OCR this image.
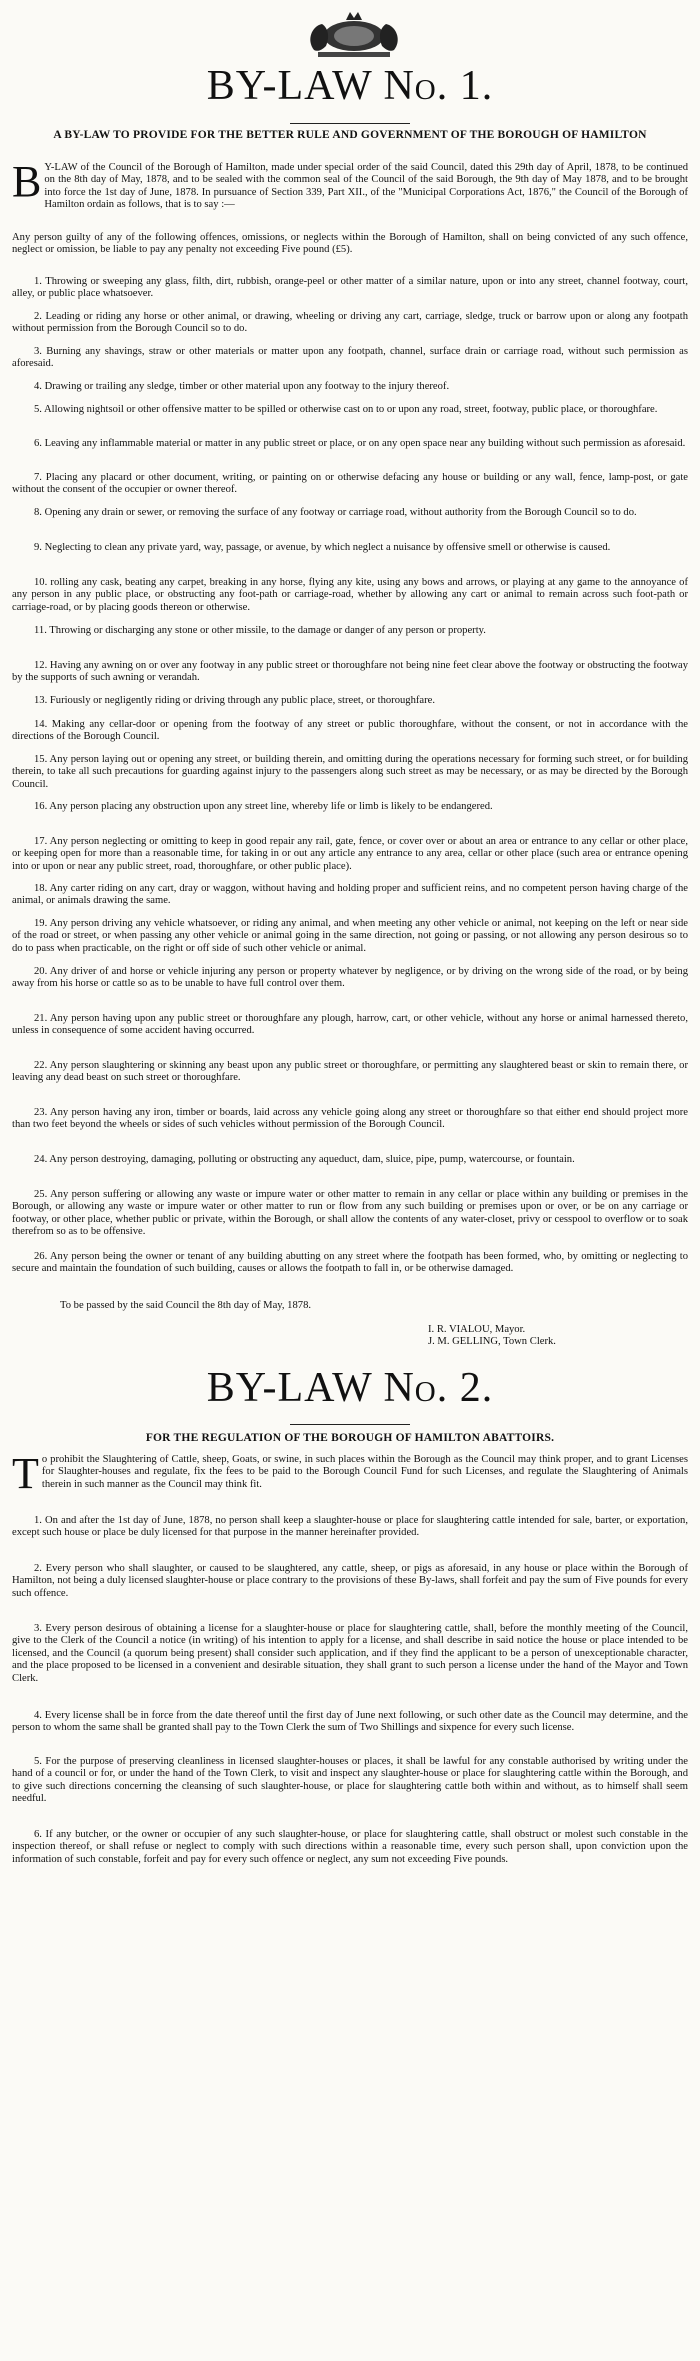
BY-LAW No. 1.
A BY-LAW TO PROVIDE FOR THE BETTER RULE AND GOVERNMENT OF THE BOROUGH OF HAMILTON

BY-LAW of the Council of the Borough of Hamilton, made under special order of the said Council, dated this 29th day of April, 1878, to be continued on the 8th day of May, 1878, and to be sealed with the common seal of the Council of the said Borough, the 9th day of May 1878, and to be brought into force the 1st day of June, 1878. In pursuance of Section 339, Part XII., of the "Municipal Corporations Act, 1876," the Council of the Borough of Hamilton ordain as follows, that is to say :—

Any person guilty of any of the following offences, omissions, or neglects within the Borough of Hamilton, shall on being convicted of any such offence, neglect or omission, be liable to pay any penalty not exceeding Five pound (£5).

1. Throwing or sweeping any glass, filth, dirt, rubbish, orange-peel or other matter of a similar nature, upon or into any street, channel footway, court, alley, or public place whatsoever.

2. Leading or riding any horse or other animal, or drawing, wheeling or driving any cart, carriage, sledge, truck or barrow upon or along any footpath without permission from the Borough Council so to do.

3. Burning any shavings, straw or other materials or matter upon any footpath, channel, surface drain or carriage road, without such permission as aforesaid.

4. Drawing or trailing any sledge, timber or other material upon any footway to the injury thereof.

5. Allowing nightsoil or other offensive matter to be spilled or otherwise cast on to or upon any road, street, footway, public place, or thoroughfare.

6. Leaving any inflammable material or matter in any public street or place, or on any open space near any building without such permission as aforesaid.

7. Placing any placard or other document, writing, or painting on or otherwise defacing any house or building or any wall, fence, lamp-post, or gate without the consent of the occupier or owner thereof.

8. Opening any drain or sewer, or removing the surface of any footway or carriage road, without authority from the Borough Council so to do.

9. Neglecting to clean any private yard, way, passage, or avenue, by which neglect a nuisance by offensive smell or otherwise is caused.

10. rolling any cask, beating any carpet, breaking in any horse, flying any kite, using any bows and arrows, or playing at any game to the annoyance of any person in any public place, or obstructing any foot-path or carriage-road, whether by allowing any cart or animal to remain across such foot-path or carriage-road, or by placing goods thereon or otherwise.

11. Throwing or discharging any stone or other missile, to the damage or danger of any person or property.

12. Having any awning on or over any footway in any public street or thoroughfare not being nine feet clear above the footway or obstructing the footway by the supports of such awning or verandah.

13. Furiously or negligently riding or driving through any public place, street, or thoroughfare.

14. Making any cellar-door or opening from the footway of any street or public thoroughfare, without the consent, or not in accordance with the directions of the Borough Council.

15. Any person laying out or opening any street, or building therein, and omitting during the operations necessary for forming such street, or for building therein, to take all such precautions for guarding against injury to the passengers along such street as may be necessary, or as may be directed by the Borough Council.

16. Any person placing any obstruction upon any street line, whereby life or limb is likely to be endangered.

17. Any person neglecting or omitting to keep in good repair any rail, gate, fence, or cover over or about an area or entrance to any cellar or other place, or keeping open for more than a reasonable time, for taking in or out any article any entrance to any area, cellar or other place (such area or entrance opening into or upon or near any public street, road, thoroughfare, or other public place).

18. Any carter riding on any cart, dray or waggon, without having and holding proper and sufficient reins, and no competent person having charge of the animal, or animals drawing the same.

19. Any person driving any vehicle whatsoever, or riding any animal, and when meeting any other vehicle or animal, not keeping on the left or near side of the road or street, or when passing any other vehicle or animal going in the same direction, not going or passing, or not allowing any person desirous so to do to pass when practicable, on the right or off side of such other vehicle or animal.

20. Any driver of and horse or vehicle injuring any person or property whatever by negligence, or by driving on the wrong side of the road, or by being away from his horse or cattle so as to be unable to have full control over them.

21. Any person having upon any public street or thoroughfare any plough, harrow, cart, or other vehicle, without any horse or animal harnessed thereto, unless in consequence of some accident having occurred.

22. Any person slaughtering or skinning any beast upon any public street or thoroughfare, or permitting any slaughtered beast or skin to remain there, or leaving any dead beast on such street or thoroughfare.

23. Any person having any iron, timber or boards, laid across any vehicle going along any street or thoroughfare so that either end should project more than two feet beyond the wheels or sides of such vehicles without permission of the Borough Council.

24. Any person destroying, damaging, polluting or obstructing any aqueduct, dam, sluice, pipe, pump, watercourse, or fountain.

25. Any person suffering or allowing any waste or impure water or other matter to remain in any cellar or place within any building or premises in the Borough, or allowing any waste or impure water or other matter to run or flow from any such building or premises upon or over, or be on any carriage or footway, or other place, whether public or private, within the Borough, or shall allow the contents of any water-closet, privy or cesspool to overflow or to soak therefrom so as to be offensive.

26. Any person being the owner or tenant of any building abutting on any street where the footpath has been formed, who, by omitting or neglecting to secure and maintain the foundation of such building, causes or allows the footpath to fall in, or be otherwise damaged.

To be passed by the said Council the 8th day of May, 1878.
I. R. VIALOU, Mayor.
J. M. GELLING, Town Clerk.
BY-LAW No. 2.
FOR THE REGULATION OF THE BOROUGH OF HAMILTON ABATTOIRS.

To prohibit the Slaughtering of Cattle, sheep, Goats, or swine, in such places within the Borough as the Council may think proper, and to grant Licenses for Slaughter-houses and regulate, fix the fees to be paid to the Borough Council Fund for such Licenses, and regulate the Slaughtering of Animals therein in such manner as the Council may think fit.

1. On and after the 1st day of June, 1878, no person shall keep a slaughter-house or place for slaughtering cattle intended for sale, barter, or exportation, except such house or place be duly licensed for that purpose in the manner hereinafter provided.

2. Every person who shall slaughter, or caused to be slaughtered, any cattle, sheep, or pigs as aforesaid, in any house or place within the Borough of Hamilton, not being a duly licensed slaughter-house or place contrary to the provisions of these By-laws, shall forfeit and pay the sum of Five pounds for every such offence.

3. Every person desirous of obtaining a license for a slaughter-house or place for slaughtering cattle, shall, before the monthly meeting of the Council, give to the Clerk of the Council a notice (in writing) of his intention to apply for a license, and shall describe in said notice the house or place intended to be licensed, and the Council (a quorum being present) shall consider such application, and if they find the applicant to be a person of unexceptionable character, and the place proposed to be licensed in a convenient and desirable situation, they shall grant to such person a license under the hand of the Mayor and Town Clerk.

4. Every license shall be in force from the date thereof until the first day of June next following, or such other date as the Council may determine, and the person to whom the same shall be granted shall pay to the Town Clerk the sum of Two Shillings and sixpence for every such license.

5. For the purpose of preserving cleanliness in licensed slaughter-houses or places, it shall be lawful for any constable authorised by writing under the hand of a council or for, or under the hand of the Town Clerk, to visit and inspect any slaughter-house or place for slaughtering cattle within the Borough, and to give such directions concerning the cleansing of such slaughter-house, or place for slaughtering cattle both within and without, as to himself shall seem needful.

6. If any butcher, or the owner or occupier of any such slaughter-house, or place for slaughtering cattle, shall obstruct or molest such constable in the inspection thereof, or shall refuse or neglect to comply with such directions within a reasonable time, every such person shall, upon conviction upon the information of such constable, forfeit and pay for every such offence or neglect, any sum not exceeding Five pounds.
